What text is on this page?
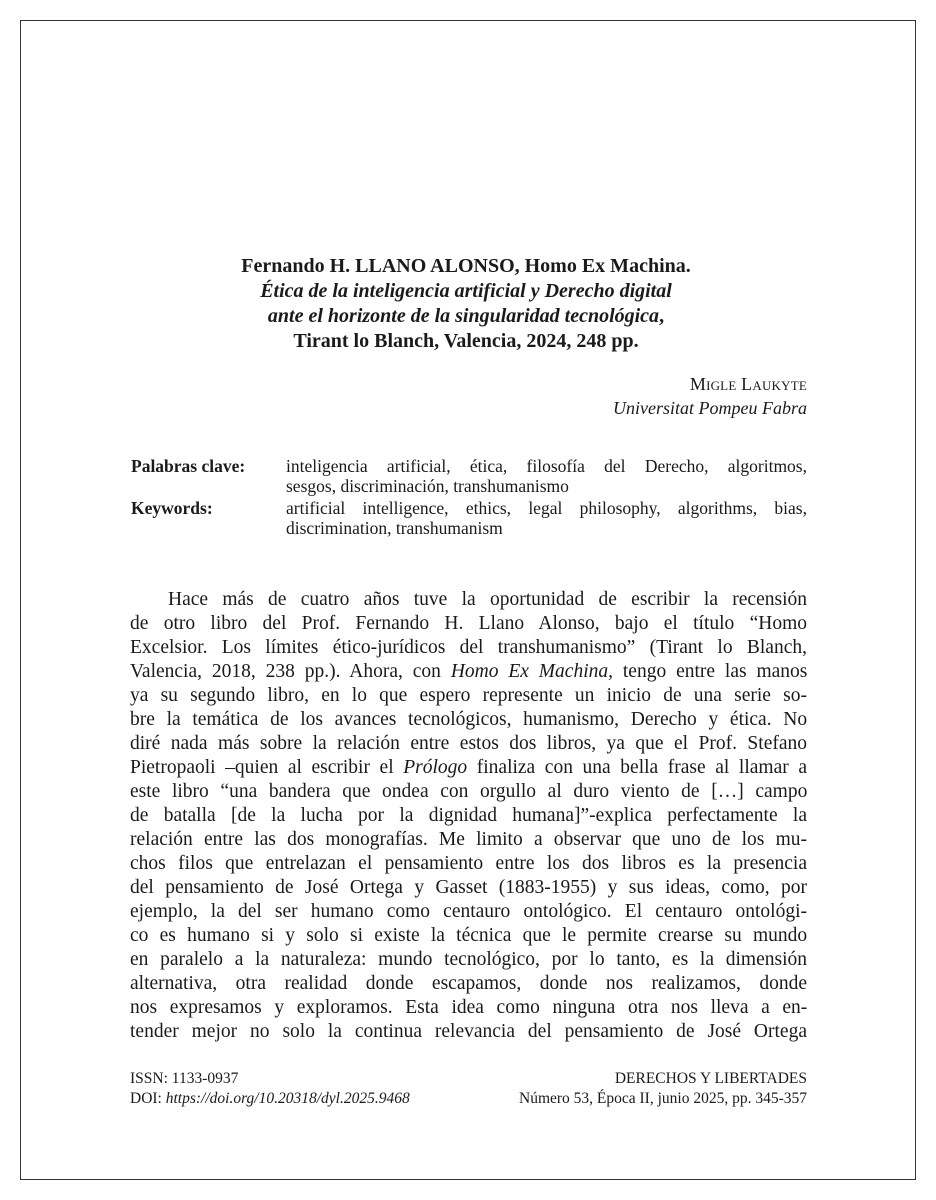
Fernando H. LLANO ALONSO, Homo Ex Machina.
Ética de la inteligencia artificial y Derecho digital
ante el horizonte de la singularidad tecnológica,
Tirant lo Blanch, Valencia, 2024, 248 pp.
Migle Laukyte
Universitat Pompeu Fabra
Palabras clave:	inteligencia artificial, ética, filosofía del Derecho, algoritmos,
sesgos, discriminación, transhumanismo
Keywords:	artificial intelligence, ethics, legal philosophy, algorithms, bias,
discrimination, transhumanism
Hace más de cuatro años tuve la oportunidad de escribir la recensión
de otro libro del Prof. Fernando H. Llano Alonso, bajo el título “Homo
Excelsior. Los límites ético-jurídicos del transhumanismo” (Tirant lo Blanch,
Valencia, 2018, 238 pp.). Ahora, con Homo Ex Machina, tengo entre las manos
ya su segundo libro, en lo que espero represente un inicio de una serie so-
bre la temática de los avances tecnológicos, humanismo, Derecho y ética. No
diré nada más sobre la relación entre estos dos libros, ya que el Prof. Stefano
Pietropaoli –quien al escribir el Prólogo finaliza con una bella frase al llamar a
este libro “una bandera que ondea con orgullo al duro viento de […] campo
de batalla [de la lucha por la dignidad humana]”-explica perfectamente la
relación entre las dos monografías. Me limito a observar que uno de los mu-
chos filos que entrelazan el pensamiento entre los dos libros es la presencia
del pensamiento de José Ortega y Gasset (1883-1955) y sus ideas, como, por
ejemplo, la del ser humano como centauro ontológico. El centauro ontológi-
co es humano si y solo si existe la técnica que le permite crearse su mundo
en paralelo a la naturaleza: mundo tecnológico, por lo tanto, es la dimensión
alternativa, otra realidad donde escapamos, donde nos realizamos, donde
nos expresamos y exploramos. Esta idea como ninguna otra nos lleva a en-
tender mejor no solo la continua relevancia del pensamiento de José Ortega
ISSN: 1133-0937
DOI: https://doi.org/10.20318/dyl.2025.9468
DERECHOS Y LIBERTADES
Número 53, Época II, junio 2025, pp. 345-357
